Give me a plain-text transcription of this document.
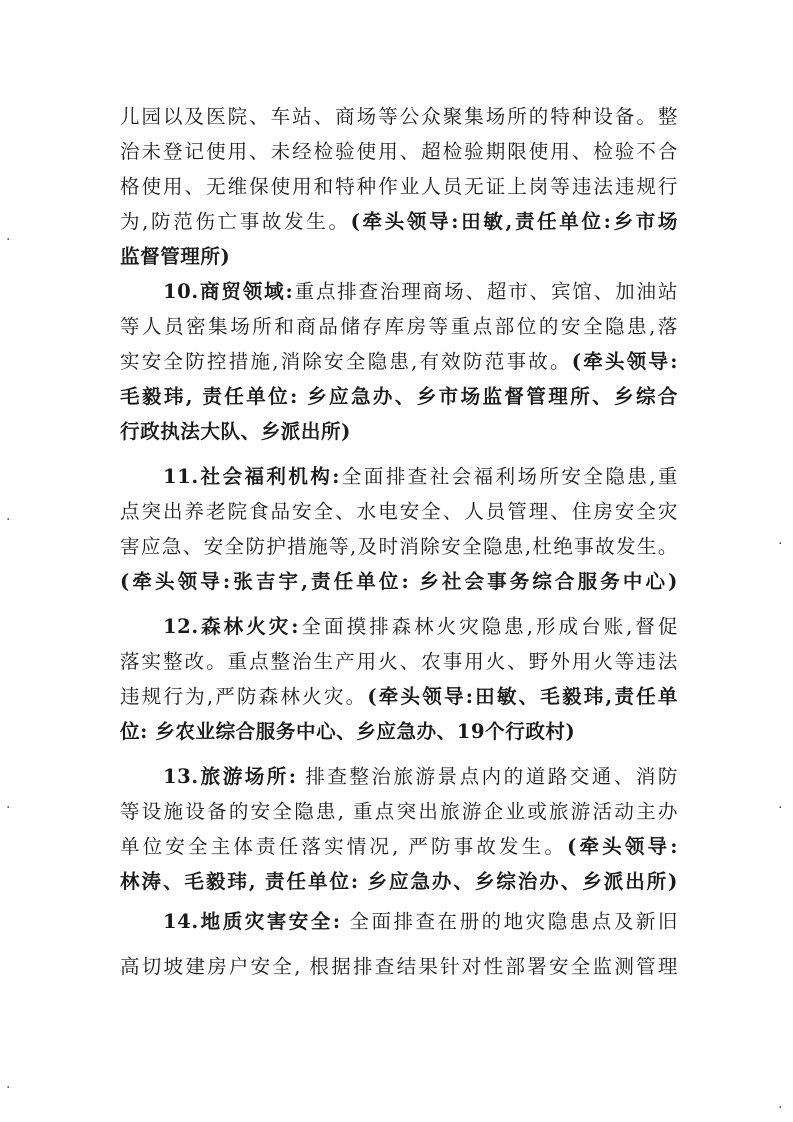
儿园以及医院、车站、商场等公众聚集场所的特种设备。整
治未登记使用、未经检验使用、超检验期限使用、检验不合
格使用、无维保使用和特种作业人员无证上岗等违法违规行
为,防范伤亡事故发生。(牵头领导:田敏,责任单位:乡市场
监督管理所)
10.商贸领域:重点排查治理商场、超市、宾馆、加油站
等人员密集场所和商品储存库房等重点部位的安全隐患,落
实安全防控措施,消除安全隐患,有效防范事故。(牵头领导:
毛毅玮, 责任单位: 乡应急办、乡市场监督管理所、乡综合
行政执法大队、乡派出所)
11.社会福利机构:全面排查社会福利场所安全隐患,重
点突出养老院食品安全、水电安全、人员管理、住房安全灾
害应急、安全防护措施等,及时消除安全隐患,杜绝事故发生。
(牵头领导:张吉宇,责任单位: 乡社会事务综合服务中心)
12.森林火灾:全面摸排森林火灾隐患,形成台账,督促
落实整改。重点整治生产用火、农事用火、野外用火等违法
违规行为,严防森林火灾。(牵头领导:田敏、毛毅玮,责任单
位: 乡农业综合服务中心、乡应急办、19个行政村)
13.旅游场所: 排查整治旅游景点内的道路交通、消防
等设施设备的安全隐患, 重点突出旅游企业或旅游活动主办
单位安全主体责任落实情况, 严防事故发生。(牵头领导:
林涛、毛毅玮, 责任单位: 乡应急办、乡综治办、乡派出所)
14.地质灾害安全: 全面排查在册的地灾隐患点及新旧
高切坡建房户安全, 根据排查结果针对性部署安全监测管理
·
·
·
·
·
·
·
